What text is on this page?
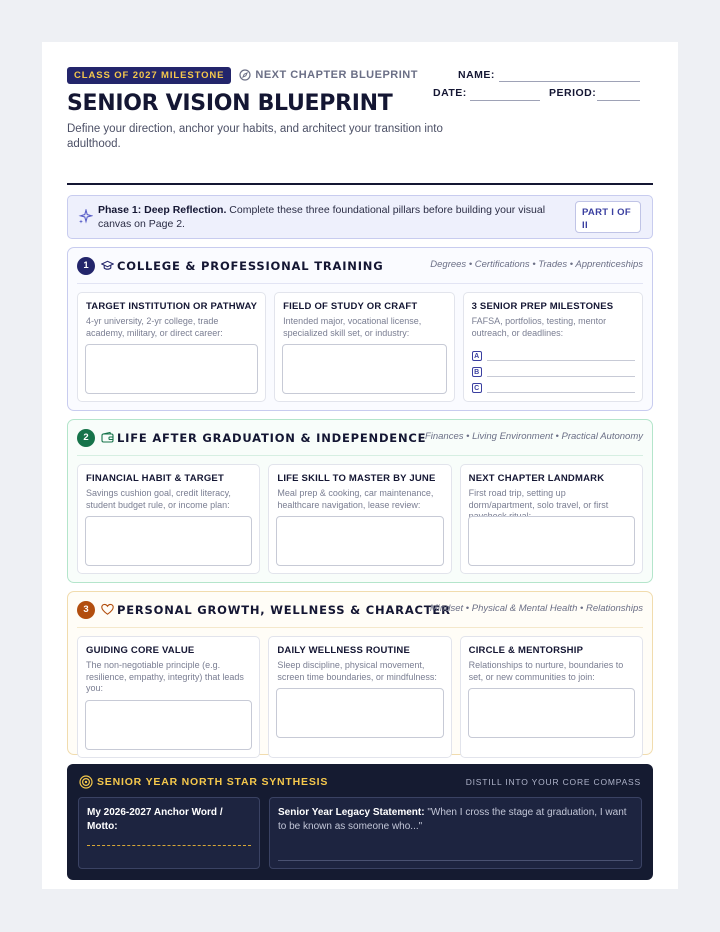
CLASS OF 2027 MILESTONE	NEXT CHAPTER BLUEPRINT
SENIOR VISION BLUEPRINT
Define your direction, anchor your habits, and architect your transition into adulthood.
NAME:
DATE:	PERIOD:
Phase 1: Deep Reflection. Complete these three foundational pillars before building your visual canvas on Page 2.
PART I OF II
1	COLLEGE & PROFESSIONAL TRAINING	Degrees • Certifications • Trades • Apprenticeships
TARGET INSTITUTION OR PATHWAY
4-yr university, 2-yr college, trade academy, military, or direct career:
FIELD OF STUDY OR CRAFT
Intended major, vocational license, specialized skill set, or industry:
3 SENIOR PREP MILESTONES
FAFSA, portfolios, testing, mentor outreach, or deadlines:
A
B
C
2	LIFE AFTER GRADUATION & INDEPENDENCE
Finances • Living Environment • Practical Autonomy
FINANCIAL HABIT & TARGET
Savings cushion goal, credit literacy, student budget rule, or income plan:
LIFE SKILL TO MASTER BY JUNE
Meal prep & cooking, car maintenance, healthcare navigation, lease review:
NEXT CHAPTER LANDMARK
First road trip, setting up dorm/apartment, solo travel, or first
3	PERSONAL GROWTH, WELLNESS & CHARACTER
Mindset • Physical & Mental Health • Relationships
GUIDING CORE VALUE
The non-negotiable principle (e.g. resilience, empathy, integrity) that leads you:
DAILY WELLNESS ROUTINE
Sleep discipline, physical movement, screen time boundaries, or mindfulness:
CIRCLE & MENTORSHIP
Relationships to nurture, boundaries to set, or new communities to join:
SENIOR YEAR NORTH STAR SYNTHESIS	DISTILL INTO YOUR CORE COMPASS
My 2026-2027 Anchor Word / Motto:
Senior Year Legacy Statement: "When I cross the stage at graduation, I want to be known as someone who..."
